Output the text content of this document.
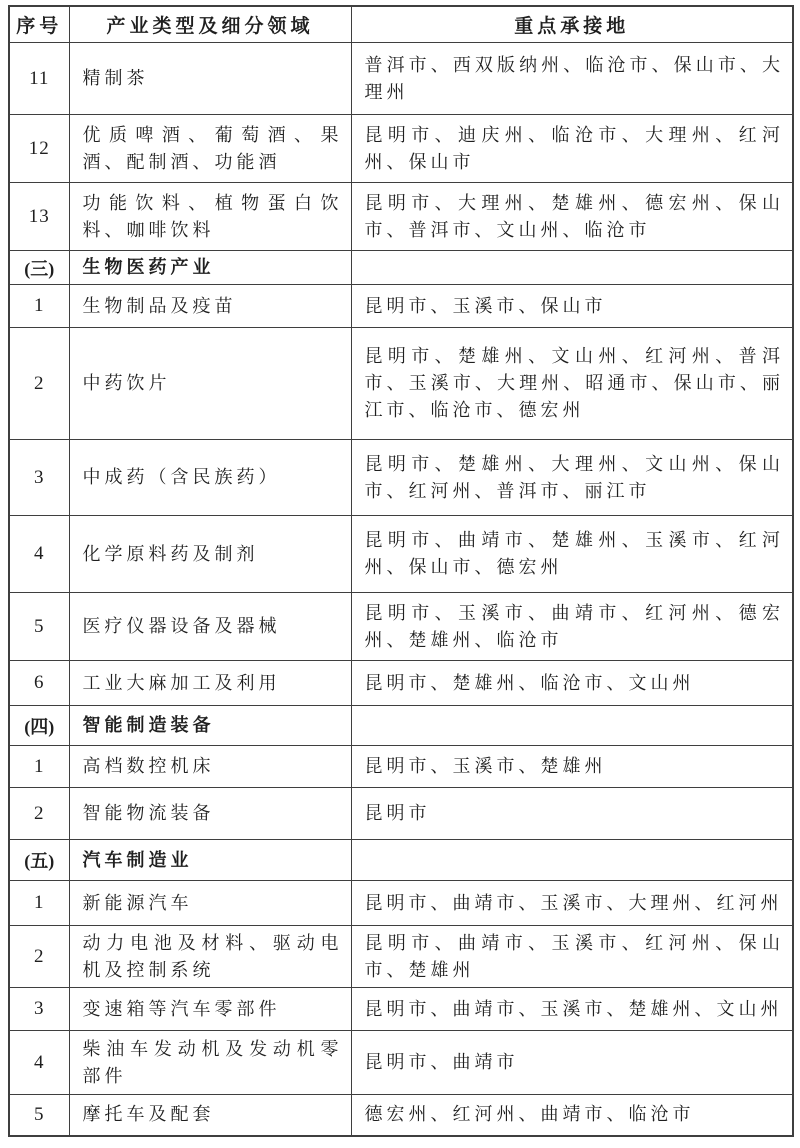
序号	产业类型及细分领域	重点承接地
11	精制茶	普洱市、西双版纳州、临沧市、保山市、大理州
12	优质啤酒、葡萄酒、果酒、配制酒、功能酒	昆明市、迪庆州、临沧市、大理州、红河州、保山市
13	功能饮料、植物蛋白饮料、咖啡饮料	昆明市、大理州、楚雄州、德宏州、保山市、普洱市、文山州、临沧市
(三)	生物医药产业	
1	生物制品及疫苗	昆明市、玉溪市、保山市
2	中药饮片	昆明市、楚雄州、文山州、红河州、普洱市、玉溪市、大理州、昭通市、保山市、丽江市、临沧市、德宏州
3	中成药（含民族药）	昆明市、楚雄州、大理州、文山州、保山市、红河州、普洱市、丽江市
4	化学原料药及制剂	昆明市、曲靖市、楚雄州、玉溪市、红河州、保山市、德宏州
5	医疗仪器设备及器械	昆明市、玉溪市、曲靖市、红河州、德宏州、楚雄州、临沧市
6	工业大麻加工及利用	昆明市、楚雄州、临沧市、文山州
(四)	智能制造装备	
1	高档数控机床	昆明市、玉溪市、楚雄州
2	智能物流装备	昆明市
(五)	汽车制造业	
1	新能源汽车	昆明市、曲靖市、玉溪市、大理州、红河州
2	动力电池及材料、驱动电机及控制系统	昆明市、曲靖市、玉溪市、红河州、保山市、楚雄州
3	变速箱等汽车零部件	昆明市、曲靖市、玉溪市、楚雄州、文山州
4	柴油车发动机及发动机零部件	昆明市、曲靖市
5	摩托车及配套	德宏州、红河州、曲靖市、临沧市
